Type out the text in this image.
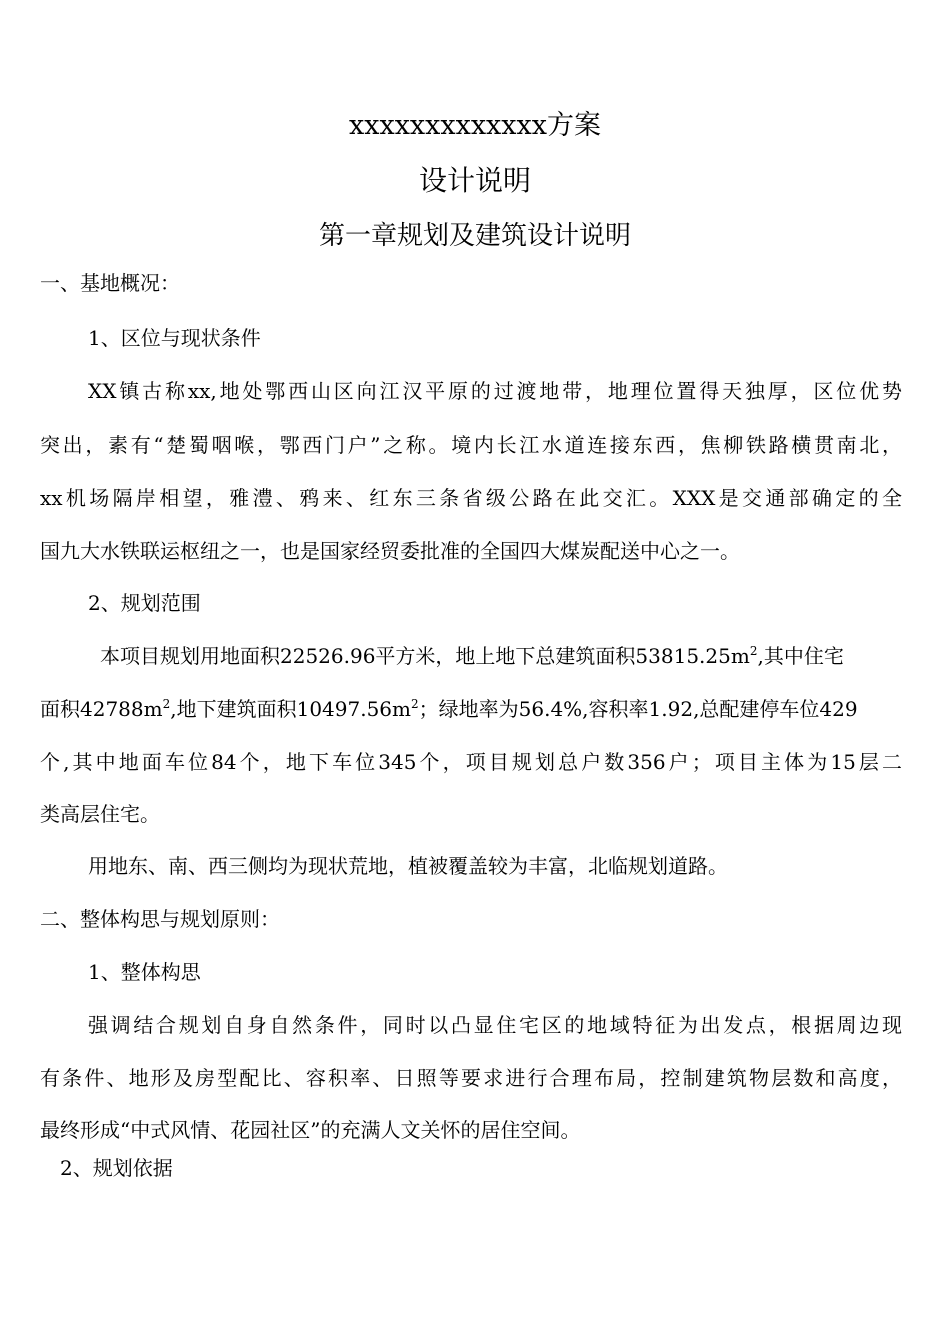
xxxxxxxxxxxxx方案
设计说明
第一章规划及建筑设计说明
一、基地概况：
1、区位与现状条件
XX镇古称xx,地处鄂西山区向江汉平原的过渡地带，地理位置得天独厚，区位优势
突出，素有“楚蜀咽喉，鄂西门户”之称。境内长江水道连接东西，焦柳铁路横贯南北，
xx机场隔岸相望，雅澧、鸦来、红东三条省级公路在此交汇。XXX是交通部确定的全
国九大水铁联运枢纽之一，也是国家经贸委批准的全国四大煤炭配送中心之一。
2、规划范围
本项目规划用地面积22526.96平方米，地上地下总建筑面积$53815.25m^2$,其中住宅
面积$42788m^2$,地下建筑面积$10497.56m^2$；绿地率为56.4%,容积率1.92,总配建停车位429
个,其中地面车位84个，地下车位345个，项目规划总户数356户；项目主体为15层二
类高层住宅。
用地东、南、西三侧均为现状荒地，植被覆盖较为丰富，北临规划道路。
二、整体构思与规划原则：
1、整体构思
强调结合规划自身自然条件，同时以凸显住宅区的地域特征为出发点，根据周边现
有条件、地形及房型配比、容积率、日照等要求进行合理布局，控制建筑物层数和高度，
最终形成“中式风情、花园社区”的充满人文关怀的居住空间。
2、规划依据
